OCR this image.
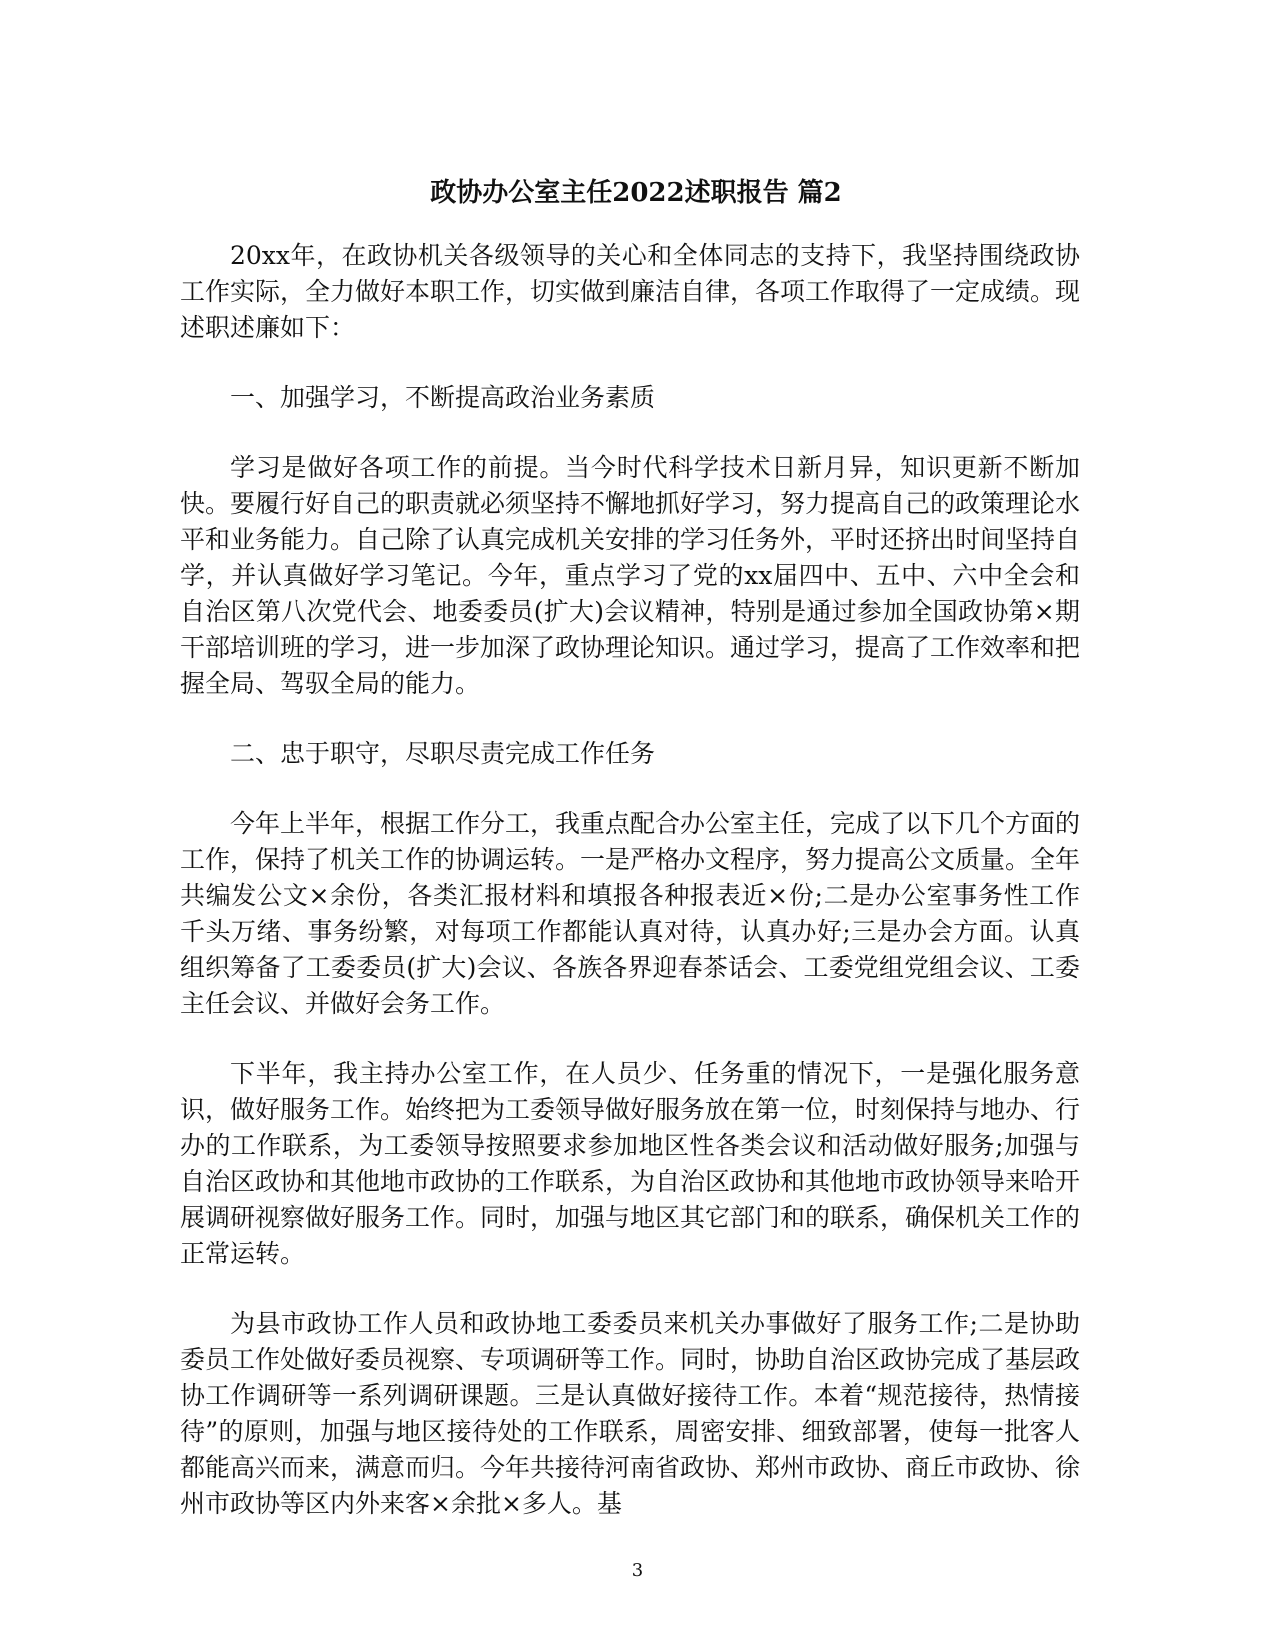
政协办公室主任2022述职报告 篇2

20xx年，在政协机关各级领导的关心和全体同志的支持下，我坚持围绕政协工作实际，全力做好本职工作，切实做到廉洁自律，各项工作取得了一定成绩。现述职述廉如下：

一、加强学习，不断提高政治业务素质

学习是做好各项工作的前提。当今时代科学技术日新月异，知识更新不断加快。要履行好自己的职责就必须坚持不懈地抓好学习，努力提高自己的政策理论水平和业务能力。自己除了认真完成机关安排的学习任务外，平时还挤出时间坚持自学，并认真做好学习笔记。今年，重点学习了党的xx届四中、五中、六中全会和自治区第八次党代会、地委委员(扩大)会议精神，特别是通过参加全国政协第×期干部培训班的学习，进一步加深了政协理论知识。通过学习，提高了工作效率和把握全局、驾驭全局的能力。

二、忠于职守，尽职尽责完成工作任务

今年上半年，根据工作分工，我重点配合办公室主任，完成了以下几个方面的工作，保持了机关工作的协调运转。一是严格办文程序，努力提高公文质量。全年共编发公文×余份，各类汇报材料和填报各种报表近×份;二是办公室事务性工作千头万绪、事务纷繁，对每项工作都能认真对待，认真办好;三是办会方面。认真组织筹备了工委委员(扩大)会议、各族各界迎春茶话会、工委党组党组会议、工委主任会议、并做好会务工作。

下半年，我主持办公室工作，在人员少、任务重的情况下，一是强化服务意识，做好服务工作。始终把为工委领导做好服务放在第一位，时刻保持与地办、行办的工作联系，为工委领导按照要求参加地区性各类会议和活动做好服务;加强与自治区政协和其他地市政协的工作联系，为自治区政协和其他地市政协领导来哈开展调研视察做好服务工作。同时，加强与地区其它部门和的联系，确保机关工作的正常运转。

为县市政协工作人员和政协地工委委员来机关办事做好了服务工作;二是协助委员工作处做好委员视察、专项调研等工作。同时，协助自治区政协完成了基层政协工作调研等一系列调研课题。三是认真做好接待工作。本着“规范接待，热情接待”的原则，加强与地区接待处的工作联系，周密安排、细致部署，使每一批客人都能高兴而来，满意而归。今年共接待河南省政协、郑州市政协、商丘市政协、徐州市政协等区内外来客×余批×多人。基

3
